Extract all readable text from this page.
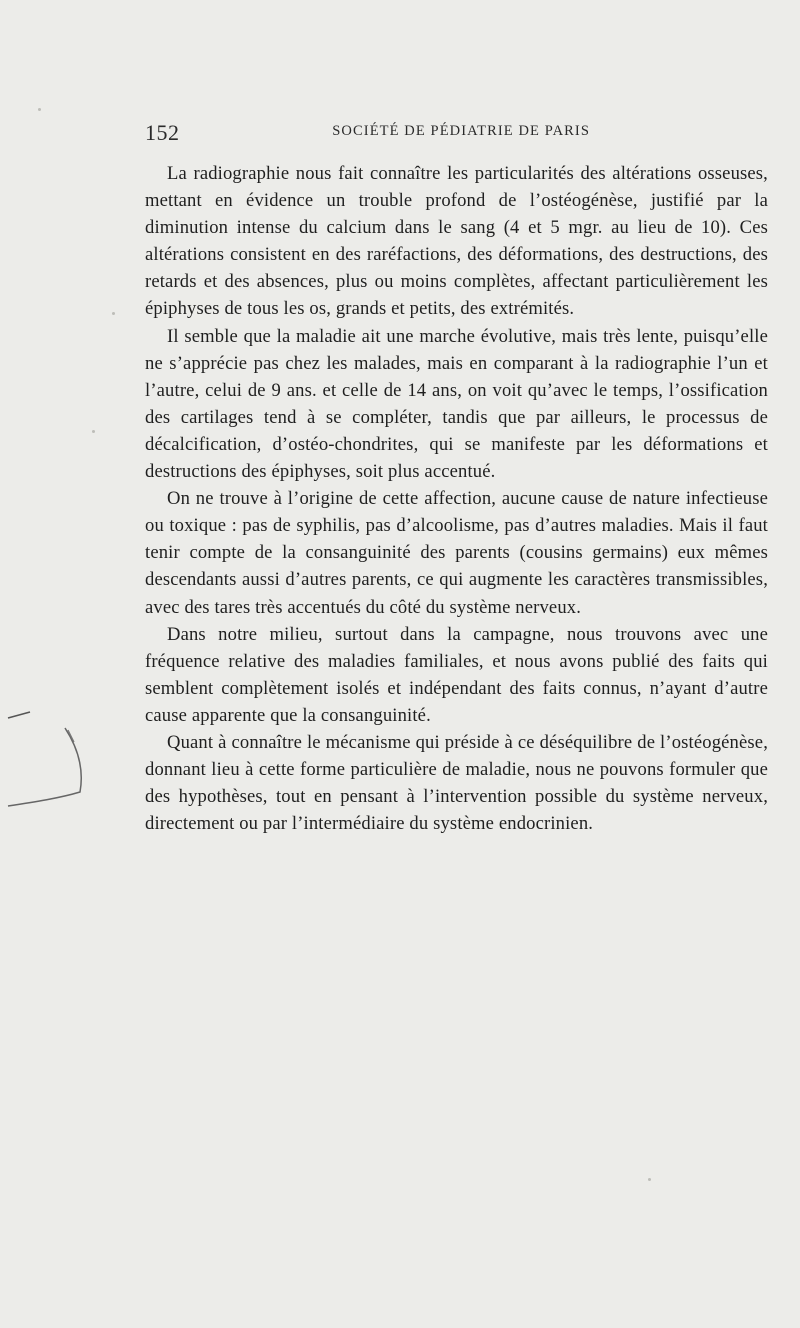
152	SOCIÉTÉ DE PÉDIATRIE DE PARIS

La radiographie nous fait connaître les particularités des altérations osseuses, mettant en évidence un trouble profond de l’ostéogénèse, justifié par la diminution intense du calcium dans le sang (4 et 5 mgr. au lieu de 10). Ces altérations consistent en des raréfactions, des déformations, des destructions, des retards et des absences, plus ou moins complètes, affectant particulièrement les épiphyses de tous les os, grands et petits, des extrémités.

Il semble que la maladie ait une marche évolutive, mais très lente, puisqu’elle ne s’apprécie pas chez les malades, mais en comparant à la radiographie l’un et l’autre, celui de 9 ans. et celle de 14 ans, on voit qu’avec le temps, l’ossification des cartilages tend à se compléter, tandis que par ailleurs, le processus de décalcification, d’ostéo-chondrites, qui se manifeste par les déformations et destructions des épiphyses, soit plus accentué.

On ne trouve à l’origine de cette affection, aucune cause de nature infectieuse ou toxique : pas de syphilis, pas d’alcoolisme, pas d’autres maladies. Mais il faut tenir compte de la consanguinité des parents (cousins germains) eux mêmes descendants aussi d’autres parents, ce qui augmente les caractères transmissibles, avec des tares très accentués du côté du système nerveux.

Dans notre milieu, surtout dans la campagne, nous trouvons avec une fréquence relative des maladies familiales, et nous avons publié des faits qui semblent complètement isolés et indépendant des faits connus, n’ayant d’autre cause apparente que la consanguinité.

Quant à connaître le mécanisme qui préside à ce déséquilibre de l’ostéogénèse, donnant lieu à cette forme particulière de maladie, nous ne pouvons formuler que des hypothèses, tout en pensant à l’intervention possible du système nerveux, directement ou par l’intermédiaire du système endocrinien.
